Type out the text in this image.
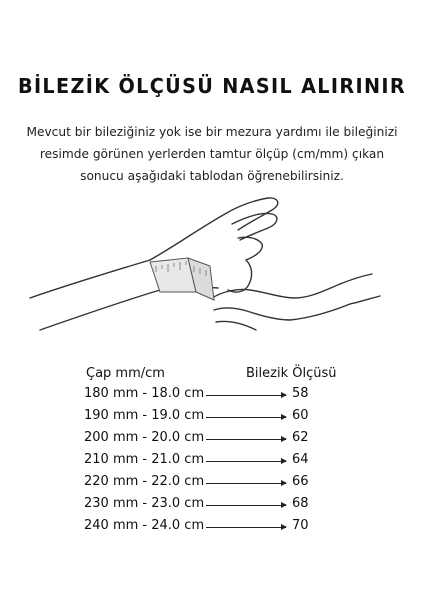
BİLEZİK ÖLÇÜSÜ NASIL ALIRINIR
Mevcut bir bileziğiniz yok ise bir mezura yardımı ile bileğinizi
resimde görünen yerlerden tamtur ölçüp (cm/mm) çıkan
sonucu aşağıdaki tablodan öğrenebilirsiniz.
Çap mm/cm	Bilezik Ölçüsü
180 mm - 18.0 cm	58
190 mm - 19.0 cm	60
200 mm - 20.0 cm	62
210 mm - 21.0 cm	64
220 mm - 22.0 cm	66
230 mm - 23.0 cm	68
240 mm - 24.0 cm	70
